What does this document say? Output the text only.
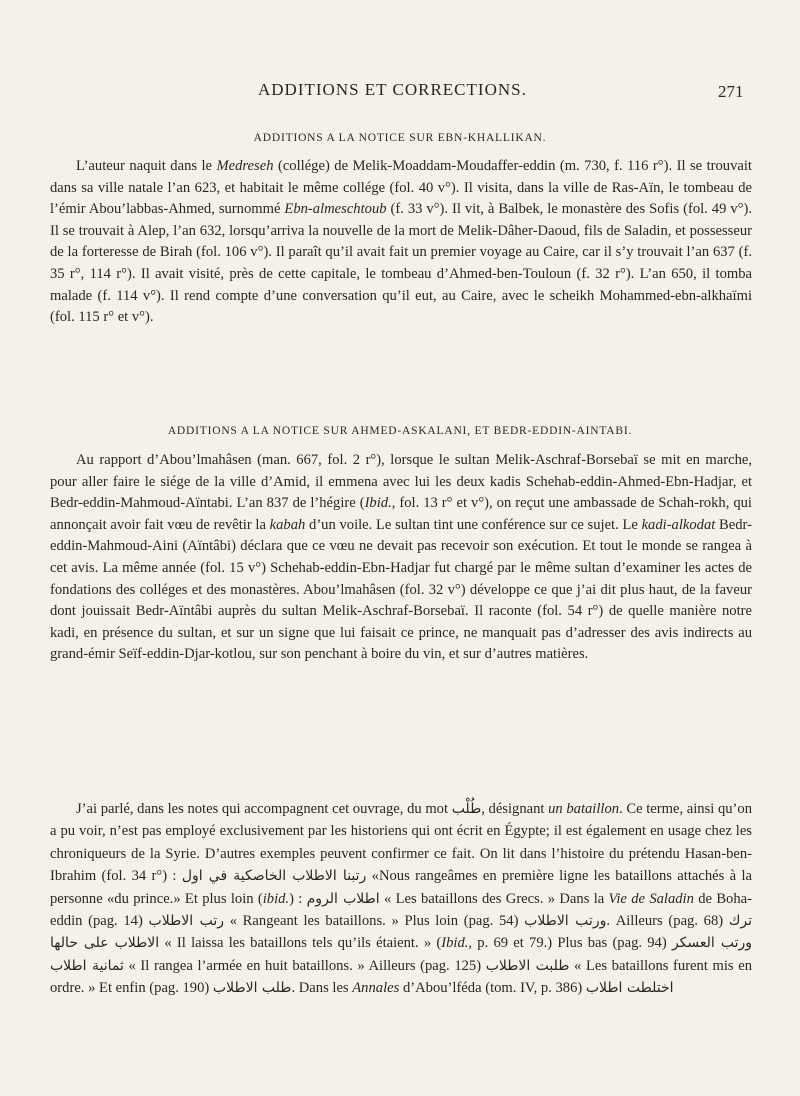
ADDITIONS ET CORRECTIONS.	271
ADDITIONS A LA NOTICE SUR EBN-KHALLIKAN.

L’auteur naquit dans le Medreseh (collége) de Melik-Moaddam-Moudaffer-eddin (m. 730, f. 116 r°). Il se trouvait dans sa ville natale l’an 623, et habitait le même collége (fol. 40 v°). Il visita, dans la ville de Ras-Aïn, le tombeau de l’émir Abou’labbas-Ahmed, surnommé Ebn-almeschtoub (f. 33 v°). Il vit, à Balbek, le monastère des Sofis (fol. 49 v°). Il se trouvait à Alep, l’an 632, lorsqu’arriva la nouvelle de la mort de Melik-Dâher-Daoud, fils de Saladin, et possesseur de la forteresse de Birah (fol. 106 v°). Il paraît qu’il avait fait un premier voyage au Caire, car il s’y trouvait l’an 637 (f. 35 r°, 114 r°). Il avait visité, près de cette capitale, le tombeau d’Ahmed-ben-Touloun (f. 32 r°). L’an 650, il tomba malade (f. 114 v°). Il rend compte d’une conversation qu’il eut, au Caire, avec le scheikh Mohammed-ebn-alkhaïmi (fol. 115 r° et v°).

ADDITIONS A LA NOTICE SUR AHMED-ASKALANI, ET BEDR-EDDIN-AINTABI.

Au rapport d’Abou’lmahâsen (man. 667, fol. 2 r°), lorsque le sultan Melik-Aschraf-Borsebaï se mit en marche, pour aller faire le siége de la ville d’Amid, il emmena avec lui les deux kadis Schehab-eddin-Ahmed-Ebn-Hadjar, et Bedr-eddin-Mahmoud-Aïntabi. L’an 837 de l’hégire (Ibid., fol. 13 r° et v°), on reçut une ambassade de Schah-rokh, qui annonçait avoir fait vœu de revêtir la kabah d’un voile. Le sultan tint une conférence sur ce sujet. Le kadi-alkodat Bedr-eddin-Mahmoud-Aini (Aïntâbi) déclara que ce vœu ne devait pas recevoir son exécution. Et tout le monde se rangea à cet avis. La même année (fol. 15 v°) Schehab-eddin-Ebn-Hadjar fut chargé par le même sultan d’examiner les actes de fondations des colléges et des monastères. Abou’lmahâsen (fol. 32 v°) développe ce que j’ai dit plus haut, de la faveur dont jouissait Bedr-Aïntâbi auprès du sultan Melik-Aschraf-Borsebaï. Il raconte (fol. 54 r°) de quelle manière notre kadi, en présence du sultan, et sur un signe que lui faisait ce prince, ne manquait pas d’adresser des avis indirects au grand-émir Seïf-eddin-Djar-kotlou, sur son penchant à boire du vin, et sur d’autres matières.

J’ai parlé, dans les notes qui accompagnent cet ouvrage, du mot طُلْب, désignant un bataillon. Ce terme, ainsi qu’on a pu voir, n’est pas employé exclusivement par les historiens qui ont écrit en Égypte; il est également en usage chez les chroniqueurs de la Syrie. D’autres exemples peuvent confirmer ce fait. On lit dans l’histoire du prétendu Hasan-ben-Ibrahim (fol. 34 r°) : رتبنا الاطلاب الخاصكية في اول «Nous rangeâmes en première ligne les bataillons attachés à la personne «du prince.» Et plus loin (ibid.) : اطلاب الروم « Les bataillons des Grecs. » Dans la Vie de Saladin de Boha-eddin (pag. 14) رتب الاطلاب « Rangeant les bataillons. » Plus loin (pag. 54) ورتب الاطلاب. Ailleurs (pag. 68) ترك الاطلاب على حالها « Il laissa les bataillons tels qu’ils étaient. » (Ibid., p. 69 et 79.) Plus bas (pag. 94) ورتب العسكر ثمانية اطلاب « Il rangea l’armée en huit bataillons. » Ailleurs (pag. 125) طلبت الاطلاب « Les bataillons furent mis en ordre. » Et enfin (pag. 190) طلب الاطلاب. Dans les Annales d’Abou’lféda (tom. IV, p. 386) اختلطت اطلاب
